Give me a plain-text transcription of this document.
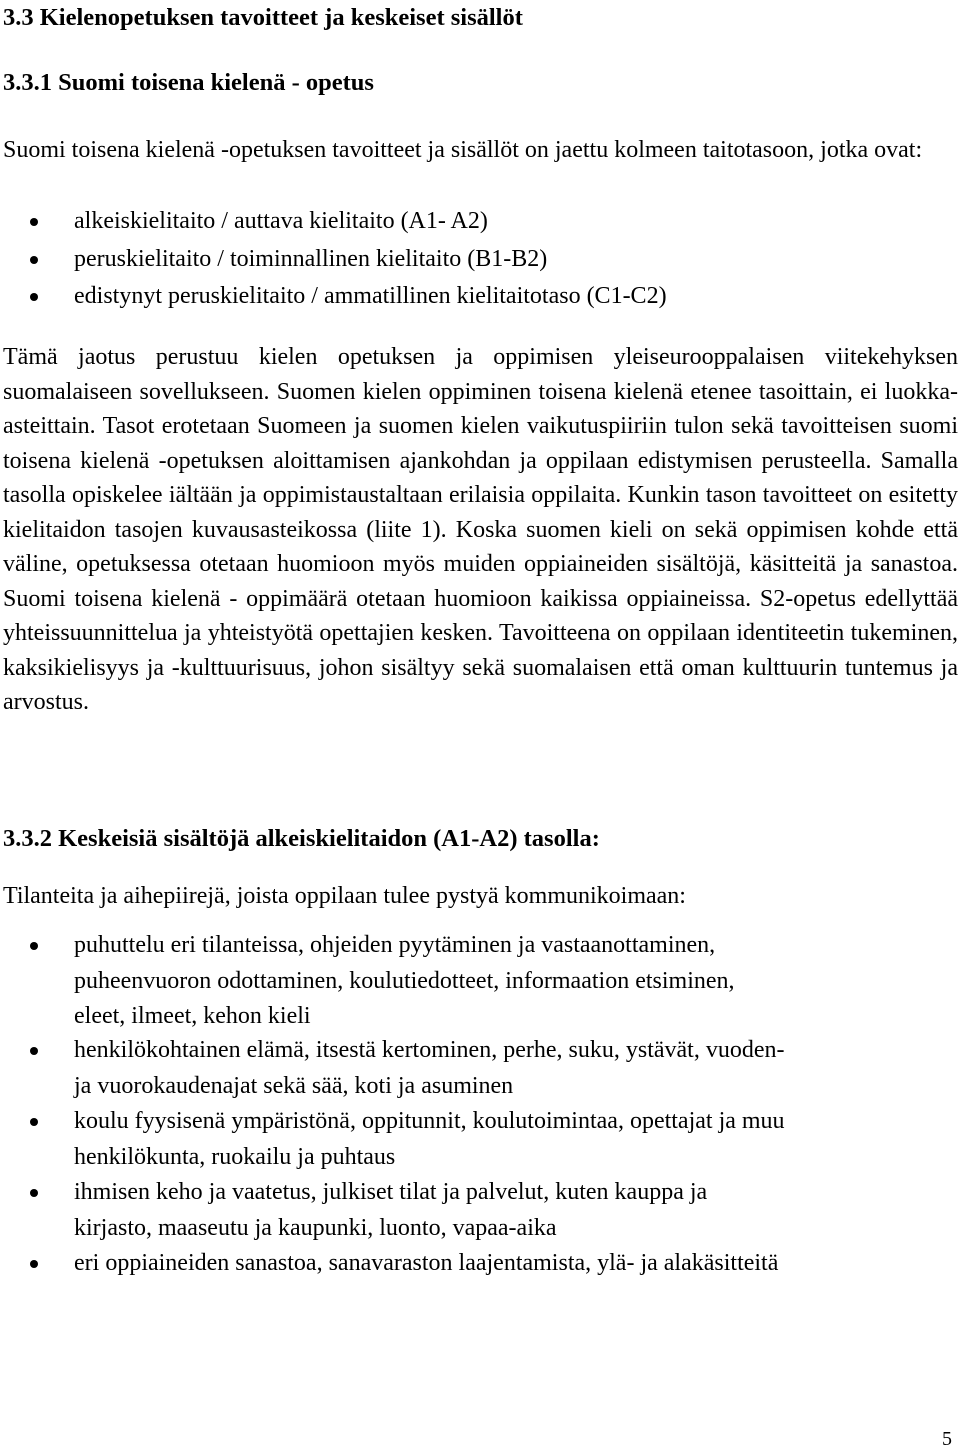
3.3 Kielenopetuksen tavoitteet ja keskeiset sisällöt
3.3.1 Suomi toisena kielenä - opetus

Suomi toisena kielenä -opetuksen tavoitteet ja sisällöt on jaettu kolmeen taitotasoon, jotka ovat:

alkeiskielitaito / auttava kielitaito (A1- A2)
peruskielitaito / toiminnallinen kielitaito (B1-B2)
edistynyt peruskielitaito / ammatillinen kielitaitotaso (C1-C2)

Tämä jaotus perustuu kielen opetuksen ja oppimisen yleiseurooppalaisen viitekehyksen suomalaiseen sovellukseen. Suomen kielen oppiminen toisena kielenä etenee tasoittain, ei luokka-asteittain. Tasot erotetaan Suomeen ja suomen kielen vaikutuspiiriin tulon sekä tavoitteisen suomi toisena kielenä -opetuksen aloittamisen ajankohdan ja oppilaan edistymisen perusteella. Samalla tasolla opiskelee iältään ja oppimistaustaltaan erilaisia oppilaita. Kunkin tason tavoitteet on esitetty kielitaidon tasojen kuvausasteikossa (liite 1). Koska suomen kieli on sekä oppimisen kohde että väline, opetuksessa otetaan huomioon myös muiden oppiaineiden sisältöjä, käsitteitä ja sanastoa. Suomi toisena kielenä - oppimäärä otetaan huomioon kaikissa oppiaineissa. S2-opetus edellyttää yhteissuunnittelua ja yhteistyötä opettajien kesken. Tavoitteena on oppilaan identiteetin tukeminen, kaksikielisyys ja -kulttuurisuus, johon sisältyy sekä suomalaisen että oman kulttuurin tuntemus ja arvostus.

3.3.2 Keskeisiä sisältöjä alkeiskielitaidon (A1-A2) tasolla:

Tilanteita ja aihepiirejä, joista oppilaan tulee pystyä kommunikoimaan:

puhuttelu eri tilanteissa, ohjeiden pyytäminen ja vastaanottaminen,
puheenvuoron odottaminen, koulutiedotteet, informaation etsiminen,
eleet, ilmeet, kehon kieli
henkilökohtainen elämä, itsestä kertominen, perhe, suku, ystävät, vuoden-
ja vuorokaudenajat sekä sää, koti ja asuminen
koulu fyysisenä ympäristönä, oppitunnit, koulutoimintaa, opettajat ja muu
henkilökunta, ruokailu ja puhtaus
ihmisen keho ja vaatetus, julkiset tilat ja palvelut, kuten kauppa ja
kirjasto, maaseutu ja kaupunki, luonto, vapaa-aika
eri oppiaineiden sanastoa, sanavaraston laajentamista, ylä- ja alakäsitteitä
5
